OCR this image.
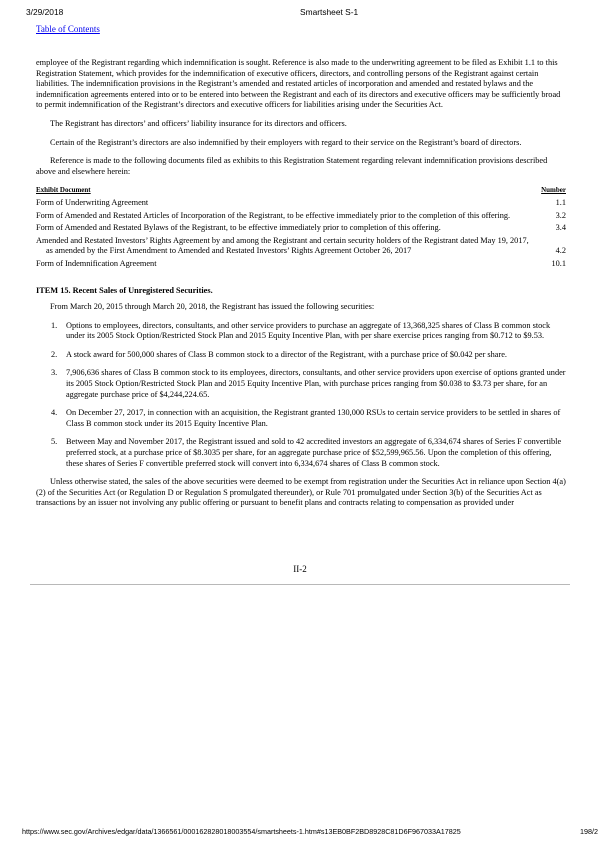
3/29/2018	Smartsheet S-1
Table of Contents

employee of the Registrant regarding which indemnification is sought. Reference is also made to the underwriting agreement to be filed as Exhibit 1.1 to this Registration Statement, which provides for the indemnification of executive officers, directors, and controlling persons of the Registrant against certain liabilities. The indemnification provisions in the Registrant’s amended and restated articles of incorporation and amended and restated bylaws and the indemnification agreements entered into or to be entered into between the Registrant and each of its directors and executive officers may be sufficiently broad to permit indemnification of the Registrant’s directors and executive officers for liabilities arising under the Securities Act.

The Registrant has directors’ and officers’ liability insurance for its directors and officers.

Certain of the Registrant’s directors are also indemnified by their employers with regard to their service on the Registrant’s board of directors.

Reference is made to the following documents filed as exhibits to this Registration Statement regarding relevant indemnification provisions described above and elsewhere herein:

Exhibit Document	Number

Form of Underwriting Agreement	1.1

Form of Amended and Restated Articles of Incorporation of the Registrant, to be effective immediately prior to the completion of this offering.	3.2

Form of Amended and Restated Bylaws of the Registrant, to be effective immediately prior to completion of this offering.	3.4

Amended and Restated Investors’ Rights Agreement by and among the Registrant and certain security holders of the Registrant dated May 19, 2017, as amended by the First Amendment to Amended and Restated Investors’ Rights Agreement October 26, 2017	4.2

Form of Indemnification Agreement	10.1
ITEM 15. Recent Sales of Unregistered Securities.

From March 20, 2015 through March 20, 2018, the Registrant has issued the following securities:

1. Options to employees, directors, consultants, and other service providers to purchase an aggregate of 13,368,325 shares of Class B common stock under its 2005 Stock Option/Restricted Stock Plan and 2015 Equity Incentive Plan, with per share exercise prices ranging from $0.712 to $9.53.
2. A stock award for 500,000 shares of Class B common stock to a director of the Registrant, with a purchase price of $0.042 per share.
3. 7,906,636 shares of Class B common stock to its employees, directors, consultants, and other service providers upon exercise of options granted under its 2005 Stock Option/Restricted Stock Plan and 2015 Equity Incentive Plan, with purchase prices ranging from $0.038 to $3.73 per share, for an aggregate purchase price of $4,244,224.65.
4. On December 27, 2017, in connection with an acquisition, the Registrant granted 130,000 RSUs to certain service providers to be settled in shares of Class B common stock under its 2015 Equity Incentive Plan.
5. Between May and November 2017, the Registrant issued and sold to 42 accredited investors an aggregate of 6,334,674 shares of Series F convertible preferred stock, at a purchase price of $8.3035 per share, for an aggregate purchase price of $52,599,965.56. Upon the completion of this offering, these shares of Series F convertible preferred stock will convert into 6,334,674 shares of Class B common stock.

Unless otherwise stated, the sales of the above securities were deemed to be exempt from registration under the Securities Act in reliance upon Section 4(a)(2) of the Securities Act (or Regulation D or Regulation S promulgated thereunder), or Rule 701 promulgated under Section 3(b) of the Securities Act as transactions by an issuer not involving any public offering or pursuant to benefit plans and contracts relating to compensation as provided under

II-2
https://www.sec.gov/Archives/edgar/data/1366561/000162828018003554/smartsheets-1.htm#s13EB0BF2BD8928C81D6F967033A17825	198/2
